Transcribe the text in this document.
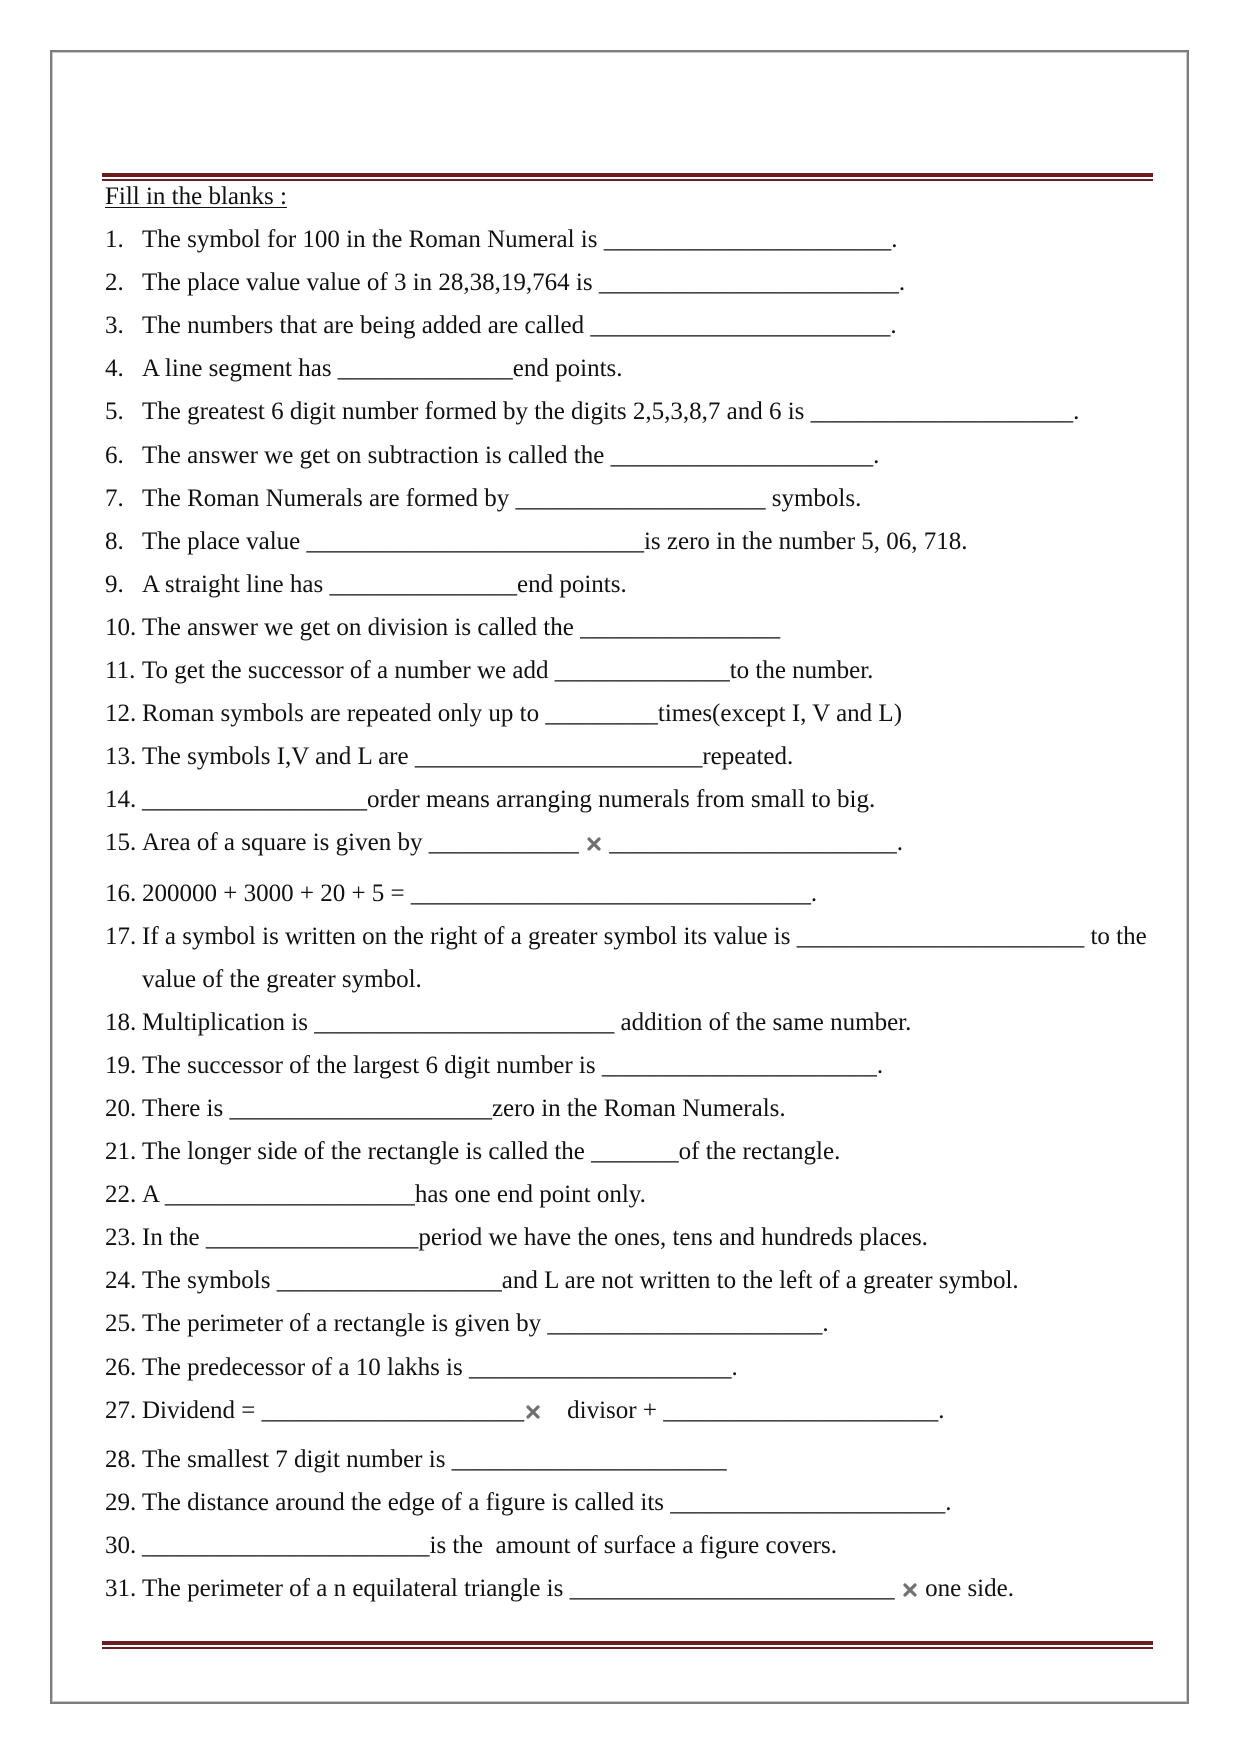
Fill in the blanks :
1. The symbol for 100 in the Roman Numeral is _______________________.
2. The place value value of 3 in 28,38,19,764 is ________________________.
3. The numbers that are being added are called ________________________.
4. A line segment has ______________end points.
5. The greatest 6 digit number formed by the digits 2,5,3,8,7 and 6 is _____________________.
6. The answer we get on subtraction is called the _____________________.
7. The Roman Numerals are formed by ____________________ symbols.
8. The place value ___________________________is zero in the number 5, 06, 718.
9. A straight line has _______________end points.
10. The answer we get on division is called the ________________
11. To get the successor of a number we add ______________to the number.
12. Roman symbols are repeated only up to _________times(except I, V and L)
13. The symbols I,V and L are _______________________repeated.
14. __________________order means arranging numerals from small to big.
15. Area of a square is given by ____________
_______________________.
16. 200000 + 3000 + 20 + 5 = ________________________________.
17. If a symbol is written on the right of a greater symbol its value is _______________________ to the
value of the greater symbol.
18. Multiplication is ________________________ addition of the same number.
19. The successor of the largest 6 digit number is ______________________.
20. There is _____________________zero in the Roman Numerals.
21. The longer side of the rectangle is called the _______of the rectangle.
22. A ____________________has one end point only.
23. In the _________________period we have the ones, tens and hundreds places.
24. The symbols __________________and L are not written to the left of a greater symbol.
25. The perimeter of a rectangle is given by ______________________.
26. The predecessor of a 10 lakhs is _____________________.
27. Dividend = _____________________
divisor + ______________________.
28. The smallest 7 digit number is ______________________
29. The distance around the edge of a figure is called its ______________________.
30. _______________________is the  amount of surface a figure covers.
31. The perimeter of a n equilateral triangle is __________________________
one side.
